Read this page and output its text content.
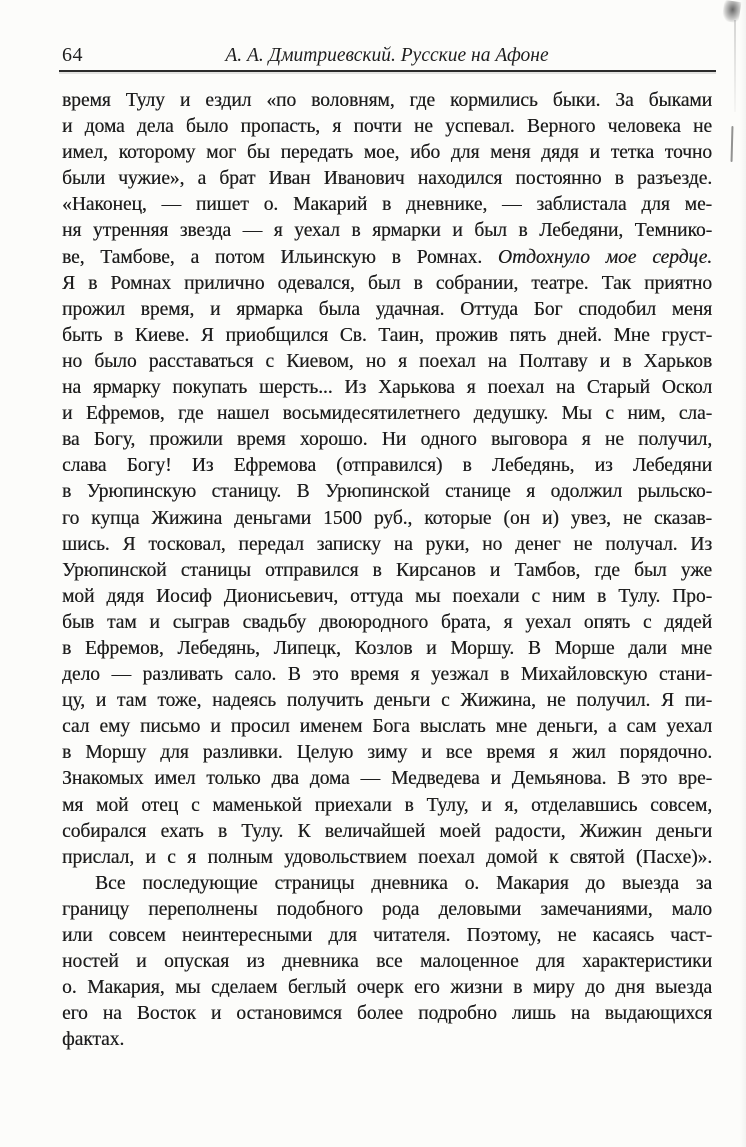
64	А. А. Дмитриевский. Русские на Афоне
время Тулу и ездил «по воловням, где кормились быки. За быками
и дома дела было пропасть, я почти не успевал. Верного человека не
имел, которому мог бы передать мое, ибо для меня дядя и тетка точно
были чужие», а брат Иван Иванович находился постоянно в разъезде.
«Наконец, — пишет о. Макарий в дневнике, — заблистала для ме-
ня утренняя звезда — я уехал в ярмарки и был в Лебедяни, Темнико-
ве, Тамбове, а потом Ильинскую в Ромнах. Отдохнуло мое сердце.
Я в Ромнах прилично одевался, был в собрании, театре. Так приятно
прожил время, и ярмарка была удачная. Оттуда Бог сподобил меня
быть в Киеве. Я приобщился Св. Таин, прожив пять дней. Мне груст-
но было расставаться с Киевом, но я поехал на Полтаву и в Харьков
на ярмарку покупать шерсть... Из Харькова я поехал на Старый Оскол
и Ефремов, где нашел восьмидесятилетнего дедушку. Мы с ним, сла-
ва Богу, прожили время хорошо. Ни одного выговора я не получил,
слава Богу! Из Ефремова (отправился) в Лебедянь, из Лебедяни
в Урюпинскую станицу. В Урюпинской станице я одолжил рыльско-
го купца Жижина деньгами 1500 руб., которые (он и) увез, не сказав-
шись. Я тосковал, передал записку на руки, но денег не получал. Из
Урюпинской станицы отправился в Кирсанов и Тамбов, где был уже
мой дядя Иосиф Дионисьевич, оттуда мы поехали с ним в Тулу. Про-
быв там и сыграв свадьбу двоюродного брата, я уехал опять с дядей
в Ефремов, Лебедянь, Липецк, Козлов и Моршу. В Морше дали мне
дело — разливать сало. В это время я уезжал в Михайловскую стани-
цу, и там тоже, надеясь получить деньги с Жижина, не получил. Я пи-
сал ему письмо и просил именем Бога выслать мне деньги, а сам уехал
в Моршу для разливки. Целую зиму и все время я жил порядочно.
Знакомых имел только два дома — Медведева и Демьянова. В это вре-
мя мой отец с маменькой приехали в Тулу, и я, отделавшись совсем,
собирался ехать в Тулу. К величайшей моей радости, Жижин деньги
прислал, и с я полным удовольствием поехал домой к святой (Пасхе)».
Все последующие страницы дневника о. Макария до выезда за
границу переполнены подобного рода деловыми замечаниями, мало
или совсем неинтересными для читателя. Поэтому, не касаясь част-
ностей и опуская из дневника все малоценное для характеристики
о. Макария, мы сделаем беглый очерк его жизни в миру до дня выезда
его на Восток и остановимся более подробно лишь на выдающихся
фактах.
